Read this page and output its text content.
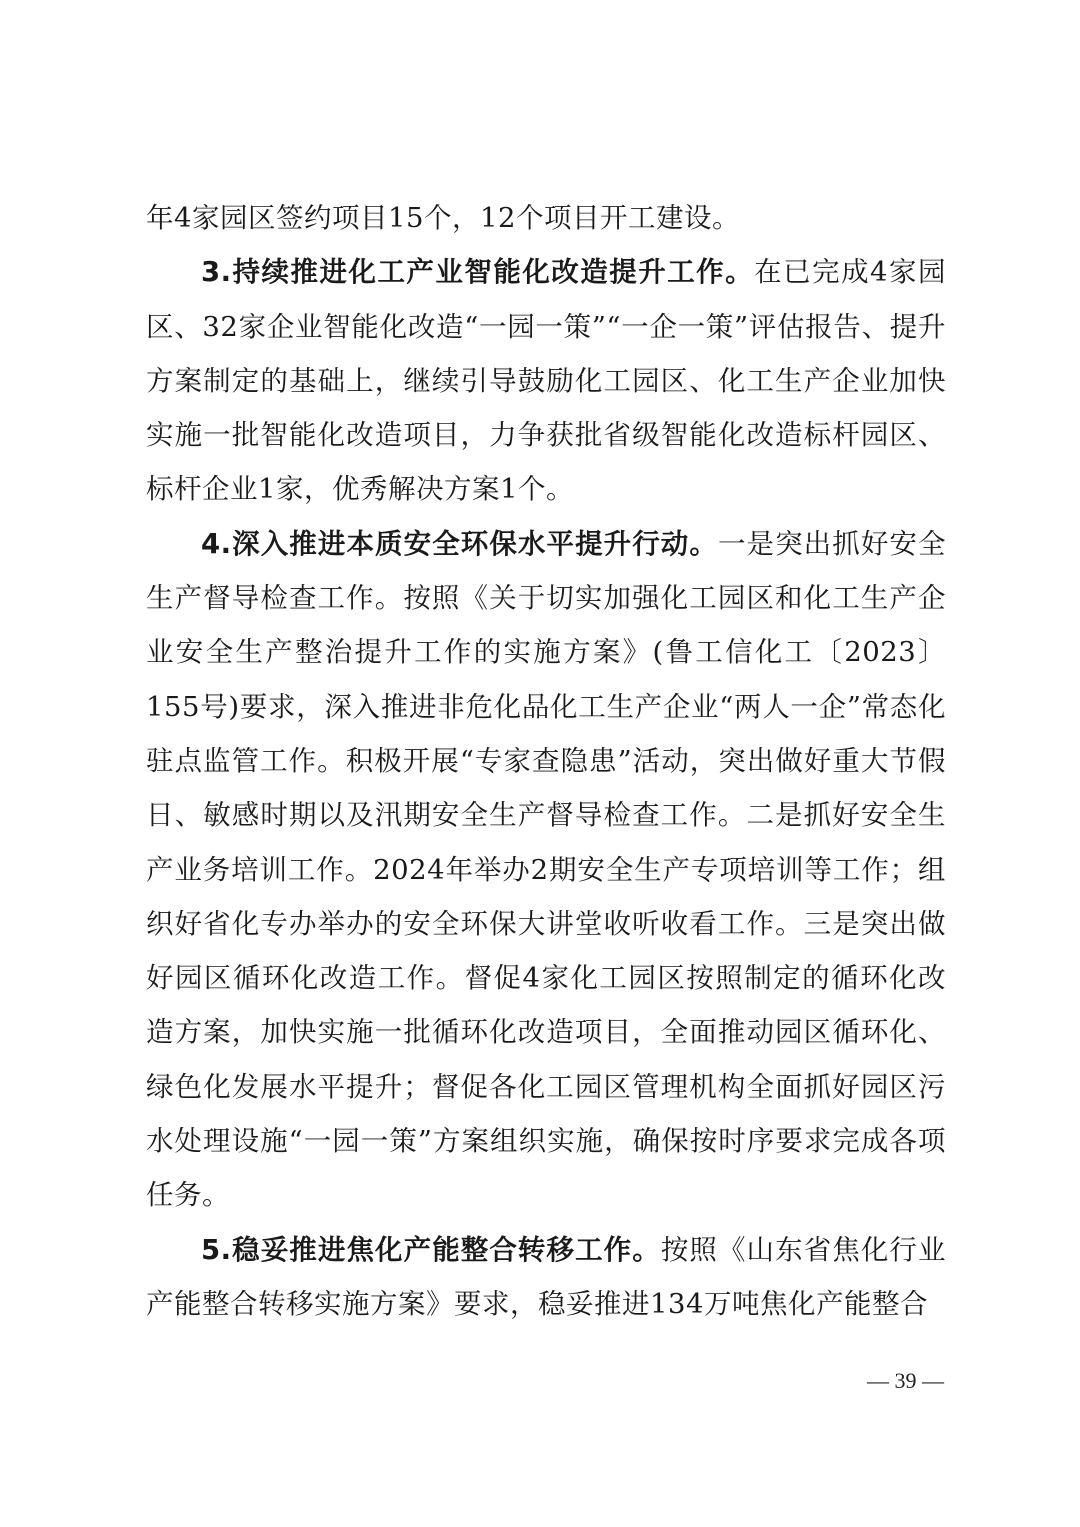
年4家园区签约项目15个，12个项目开工建设。

3.持续推进化工产业智能化改造提升工作。在已完成4家园区、32家企业智能化改造“一园一策”“一企一策”评估报告、提升方案制定的基础上，继续引导鼓励化工园区、化工生产企业加快实施一批智能化改造项目，力争获批省级智能化改造标杆园区、标杆企业1家，优秀解决方案1个。

4.深入推进本质安全环保水平提升行动。一是突出抓好安全生产督导检查工作。按照《关于切实加强化工园区和化工生产企业安全生产整治提升工作的实施方案》(鲁工信化工〔2023〕155号)要求，深入推进非危化品化工生产企业“两人一企”常态化驻点监管工作。积极开展“专家查隐患”活动，突出做好重大节假日、敏感时期以及汛期安全生产督导检查工作。二是抓好安全生产业务培训工作。2024年举办2期安全生产专项培训等工作；组织好省化专办举办的安全环保大讲堂收听收看工作。三是突出做好园区循环化改造工作。督促4家化工园区按照制定的循环化改造方案，加快实施一批循环化改造项目，全面推动园区循环化、绿色化发展水平提升；督促各化工园区管理机构全面抓好园区污水处理设施“一园一策”方案组织实施，确保按时序要求完成各项任务。

5.稳妥推进焦化产能整合转移工作。按照《山东省焦化行业产能整合转移实施方案》要求，稳妥推进134万吨焦化产能整合

— 39 —
